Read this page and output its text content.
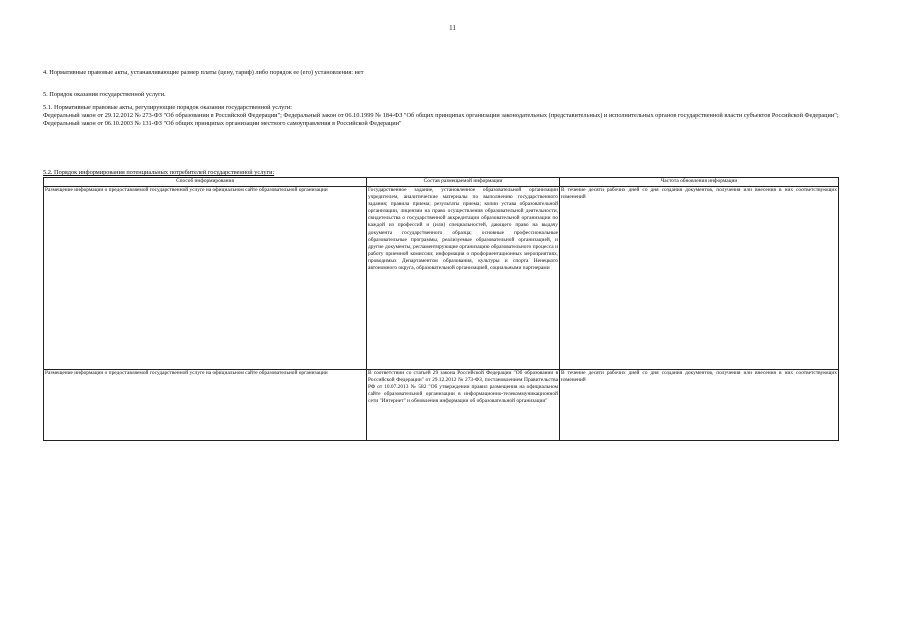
11
4. Нормативные правовые акты, устанавливающие размер платы (цену, тариф) либо порядок ее (его) установления: нет
5. Порядок оказания государственной услуги.
5.1. Нормативные правовые акты, регулирующие порядок оказания государственной услуги:
Федеральный закон от 29.12.2012 № 273-ФЗ "Об образовании в Российской Федерации"; Федеральный закон от 06.10.1999 № 184-ФЗ "Об общих принципах организации законодательных (представительных) и исполнительных органов государственной власти субъектов Российской Федерации"; Федеральный закон от 06.10.2003 № 131-ФЗ "Об общих принципах организации местного самоуправления в Российской Федерации"
5.2. Порядок информирования потенциальных потребителей государственной услуги:
Способ информирования	Состав размещаемой информации	Частота обновления информации
Размещение информации о предоставляемой государственной услуге на официальном сайте образовательной организации	Государственное задание, установленное образовательной организации учредителем, аналитические материалы по выполнению государственного задания; правила приема; результаты приема; копии устава образовательной организации, лицензии на право осуществления образовательной деятельности, свидетельства о государственной аккредитации образовательной организации по каждой из профессий и (или) специальностей, дающего право на выдачу документа государственного образца; основные профессиональные образовательные программы, реализуемые образовательной организацией, и другие документы, регламентирующие организацию образовательного процесса и работу приемной комиссии; информация о профориентационных мероприятиях, проводимых Департаментом образования, культуры и спорта Ненецкого автономного округа, образовательной организацией, социальными партнерами	В течение десяти рабочих дней со дня создания документов, получения или внесения в них соответствующих изменений
Размещение информации о предоставляемой государственной услуге на официальном сайте образовательной организации	В соответствии со статьей 29 закона Российской Федерации "Об образовании в Российской Федерации" от 29.12.2012 № 273-ФЗ, постановлением Правительства РФ от 10.07.2013 № 582 "Об утверждении правил размещения на официальном сайте образовательной организации в информационно-телекоммуникационной сети "Интернет" и обновления информации об образовательной организации"	В течение десяти рабочих дней со дня создания документов, получения или внесения в них соответствующих изменений
